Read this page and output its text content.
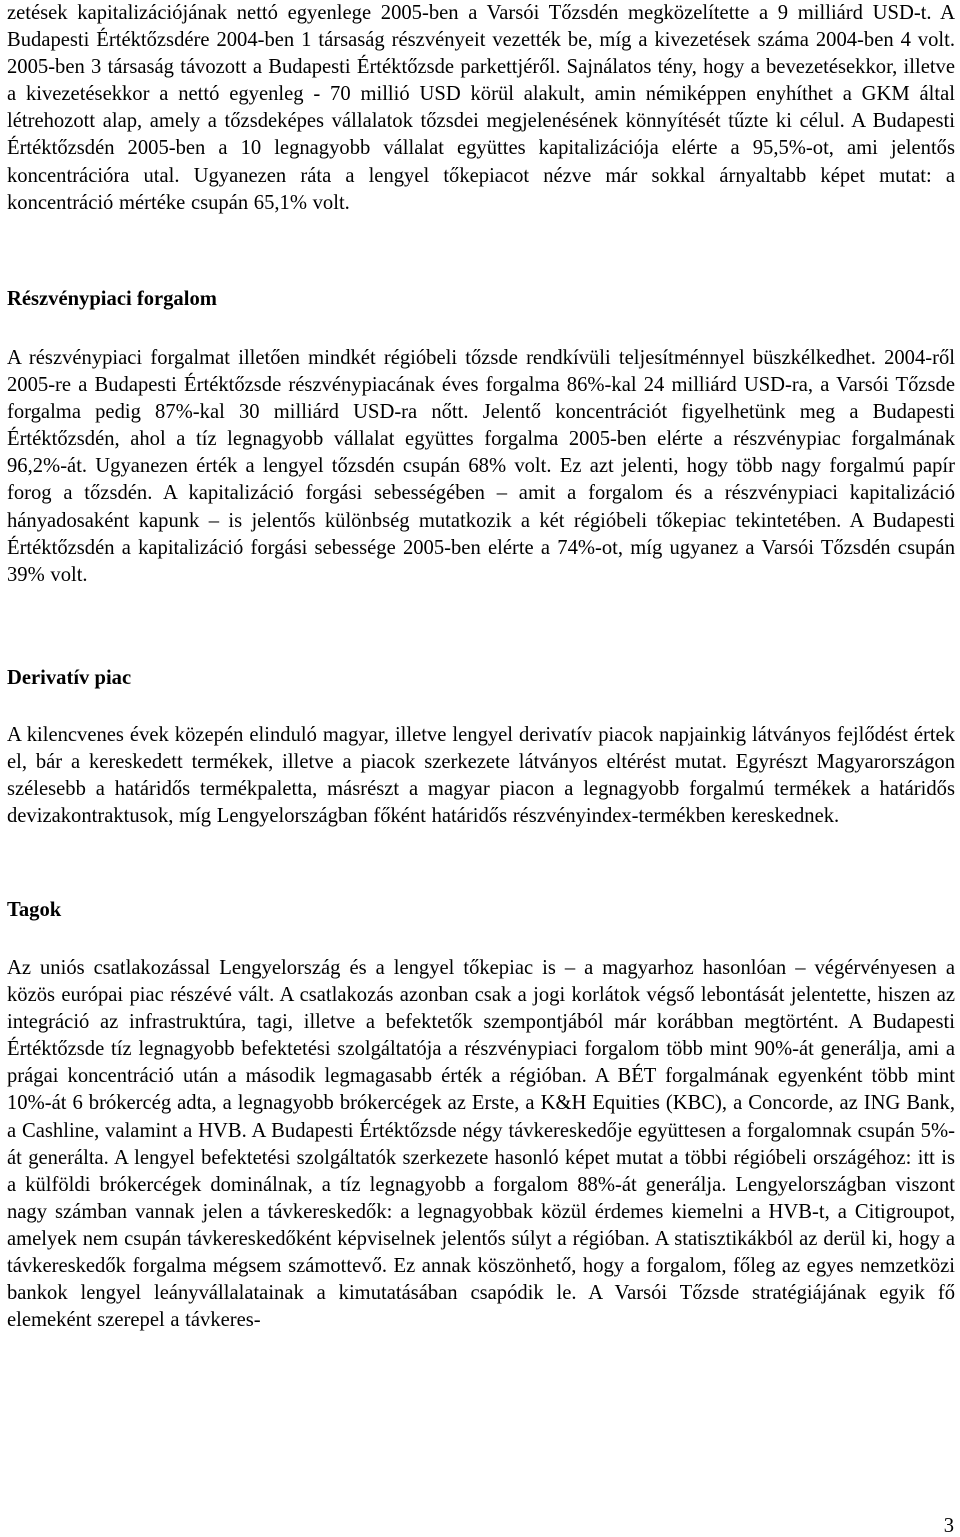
zetések kapitalizációjának nettó egyenlege 2005-ben a Varsói Tőzsdén megközelítette a 9 milliárd USD-t. A Budapesti Értéktőzsdére 2004-ben 1 társaság részvényeit vezették be, míg a kivezetések száma 2004-ben 4 volt. 2005-ben 3 társaság távozott a Budapesti Értéktőzsde parkettjéről. Sajnálatos tény, hogy a bevezetésekkor, illetve a kivezetésekkor a nettó egyenleg - 70 millió USD körül alakult, amin némiképpen enyhíthet a GKM által létrehozott alap, amely a tőzsdeképes vállalatok tőzsdei megjelenésének könnyítését tűzte ki célul. A Budapesti Értéktőzsdén 2005-ben a 10 legnagyobb vállalat együttes kapitalizációja elérte a 95,5%-ot, ami jelentős koncentrációra utal. Ugyanezen ráta a lengyel tőkepiacot nézve már sokkal árnyaltabb képet mutat: a koncentráció mértéke csupán 65,1% volt.

Részvénypiaci forgalom

A részvénypiaci forgalmat illetően mindkét régióbeli tőzsde rendkívüli teljesítménnyel büszkélkedhet. 2004-ről 2005-re a Budapesti Értéktőzsde részvénypiacának éves forgalma 86%-kal 24 milliárd USD-ra, a Varsói Tőzsde forgalma pedig 87%-kal 30 milliárd USD-ra nőtt. Jelentő koncentrációt figyelhetünk meg a Budapesti Értéktőzsdén, ahol a tíz legnagyobb vállalat együttes forgalma 2005-ben elérte a részvénypiac forgalmának 96,2%-át. Ugyanezen érték a lengyel tőzsdén csupán 68% volt. Ez azt jelenti, hogy több nagy forgalmú papír forog a tőzsdén. A kapitalizáció forgási sebességében – amit a forgalom és a részvénypiaci kapitalizáció hányadosaként kapunk – is jelentős különbség mutatkozik a két régióbeli tőkepiac tekintetében. A Budapesti Értéktőzsdén a kapitalizáció forgási sebessége 2005-ben elérte a 74%-ot, míg ugyanez a Varsói Tőzsdén csupán 39% volt.

Derivatív piac

A kilencvenes évek közepén elinduló magyar, illetve lengyel derivatív piacok napjainkig látványos fejlődést értek el, bár a kereskedett termékek, illetve a piacok szerkezete látványos eltérést mutat. Egyrészt Magyarországon szélesebb a határidős termékpaletta, másrészt a magyar piacon a legnagyobb forgalmú termékek a határidős devizakontraktusok, míg Lengyelországban főként határidős részvényindex-termékben kereskednek.

Tagok

Az uniós csatlakozással Lengyelország és a lengyel tőkepiac is – a magyarhoz hasonlóan – végérvényesen a közös európai piac részévé vált. A csatlakozás azonban csak a jogi korlátok végső lebontását jelentette, hiszen az integráció az infrastruktúra, tagi, illetve a befektetők szempontjából már korábban megtörtént. A Budapesti Értéktőzsde tíz legnagyobb befektetési szolgáltatója a részvénypiaci forgalom több mint 90%-át generálja, ami a prágai koncentráció után a második legmagasabb érték a régióban. A BÉT forgalmának egyenként több mint 10%-át 6 brókercég adta, a legnagyobb brókercégek az Erste, a K&H Equities (KBC), a Concorde, az ING Bank, a Cashline, valamint a HVB. A Budapesti Értéktőzsde négy távkereskedője együttesen a forgalomnak csupán 5%-át generálta. A lengyel befektetési szolgáltatók szerkezete hasonló képet mutat a többi régióbeli országéhoz: itt is a külföldi brókercégek dominálnak, a tíz legnagyobb a forgalom 88%-át generálja. Lengyelországban viszont nagy számban vannak jelen a távkereskedők: a legnagyobbak közül érdemes kiemelni a HVB-t, a Citigroupot, amelyek nem csupán távkereskedőként képviselnek jelentős súlyt a régióban. A statisztikákból az derül ki, hogy a távkereskedők forgalma mégsem számottevő. Ez annak köszönhető, hogy a forgalom, főleg az egyes nemzetközi bankok lengyel leányvállalatainak a kimutatásában csapódik le. A Varsói Tőzsde stratégiájának egyik fő elemeként szerepel a távkeres-

3
